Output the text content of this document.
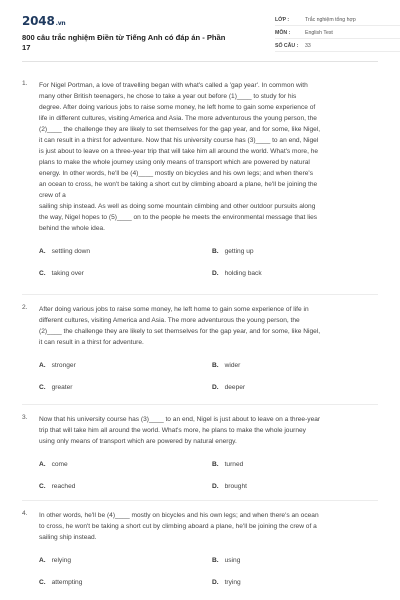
2048.vn
800 câu trắc nghiệm Điền từ Tiếng Anh có đáp án - Phần 17
LỚP :	Trắc nghiệm tổng hợp
MÔN :	English Test
SỐ CÂU :	33
1. For Nigel Portman, a love of travelling began with what's called a 'gap year'. In common with
many other British teenagers, he chose to take a year out before (1)____ to study for his
degree. After doing various jobs to raise some money, he left home to gain some experience of
life in different cultures, visiting America and Asia. The more adventurous the young person, the
(2)____ the challenge they are likely to set themselves for the gap year, and for some, like Nigel,
it can result in a thirst for adventure. Now that his university course has (3)____ to an end, Nigel
is just about to leave on a three-year trip that will take him all around the world. What's more, he
plans to make the whole journey using only means of transport which are powered by natural
energy. In other words, he'll be (4)____ mostly on bicycles and his own legs; and when there's
an ocean to cross, he won't be taking a short cut by climbing aboard a plane, he'll be joining the
crew of a
sailing ship instead. As well as doing some mountain climbing and other outdoor pursuits along
the way, Nigel hopes to (5)____ on to the people he meets the environmental message that lies
behind the whole idea.
A. settling down	B. getting up
C. taking over	D. holding back
2. After doing various jobs to raise some money, he left home to gain some experience of life in
different cultures, visiting America and Asia. The more adventurous the young person, the
(2)____ the challenge they are likely to set themselves for the gap year, and for some, like Nigel,
it can result in a thirst for adventure.
A. stronger	B. wider
C. greater	D. deeper
3. Now that his university course has (3)____ to an end, Nigel is just about to leave on a three-year
trip that will take him all around the world. What's more, he plans to make the whole journey
using only means of transport which are powered by natural energy.
A. come	B. turned
C. reached	D. brought
4. In other words, he'll be (4)____ mostly on bicycles and his own legs; and when there's an ocean
to cross, he won't be taking a short cut by climbing aboard a plane, he'll be joining the crew of a
sailing ship instead.
A. relying	B. using
C. attempting	D. trying
